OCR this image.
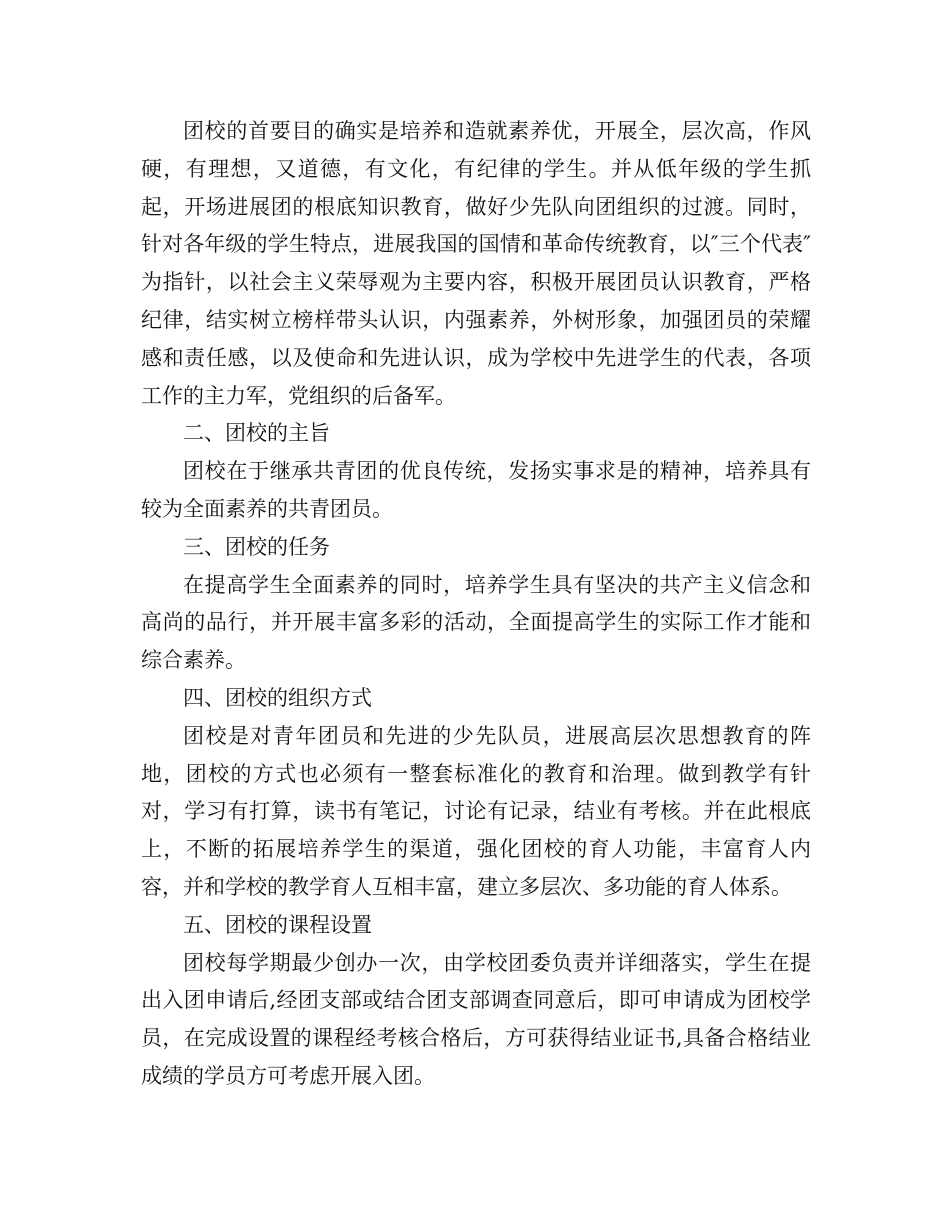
团校的首要目的确实是培养和造就素养优，开展全，层次高，作风硬，有理想，又道德，有文化，有纪律的学生。并从低年级的学生抓起，开场进展团的根底知识教育，做好少先队向团组织的过渡。同时，针对各年级的学生特点，进展我国的国情和革命传统教育，以″三个代表″为指针，以社会主义荣辱观为主要内容，积极开展团员认识教育，严格纪律，结实树立榜样带头认识，内强素养，外树形象，加强团员的荣耀感和责任感，以及使命和先进认识，成为学校中先进学生的代表，各项工作的主力军，党组织的后备军。

二、团校的主旨

团校在于继承共青团的优良传统，发扬实事求是的精神，培养具有较为全面素养的共青团员。

三、团校的任务

在提高学生全面素养的同时，培养学生具有坚决的共产主义信念和高尚的品行，并开展丰富多彩的活动，全面提高学生的实际工作才能和综合素养。

四、团校的组织方式

团校是对青年团员和先进的少先队员，进展高层次思想教育的阵地，团校的方式也必须有一整套标准化的教育和治理。做到教学有针对，学习有打算，读书有笔记，讨论有记录，结业有考核。并在此根底上，不断的拓展培养学生的渠道，强化团校的育人功能，丰富育人内容，并和学校的教学育人互相丰富，建立多层次、多功能的育人体系。

五、团校的课程设置

团校每学期最少创办一次，由学校团委负责并详细落实，学生在提出入团申请后,经团支部或结合团支部调查同意后，即可申请成为团校学员，在完成设置的课程经考核合格后，方可获得结业证书,具备合格结业成绩的学员方可考虑开展入团。
